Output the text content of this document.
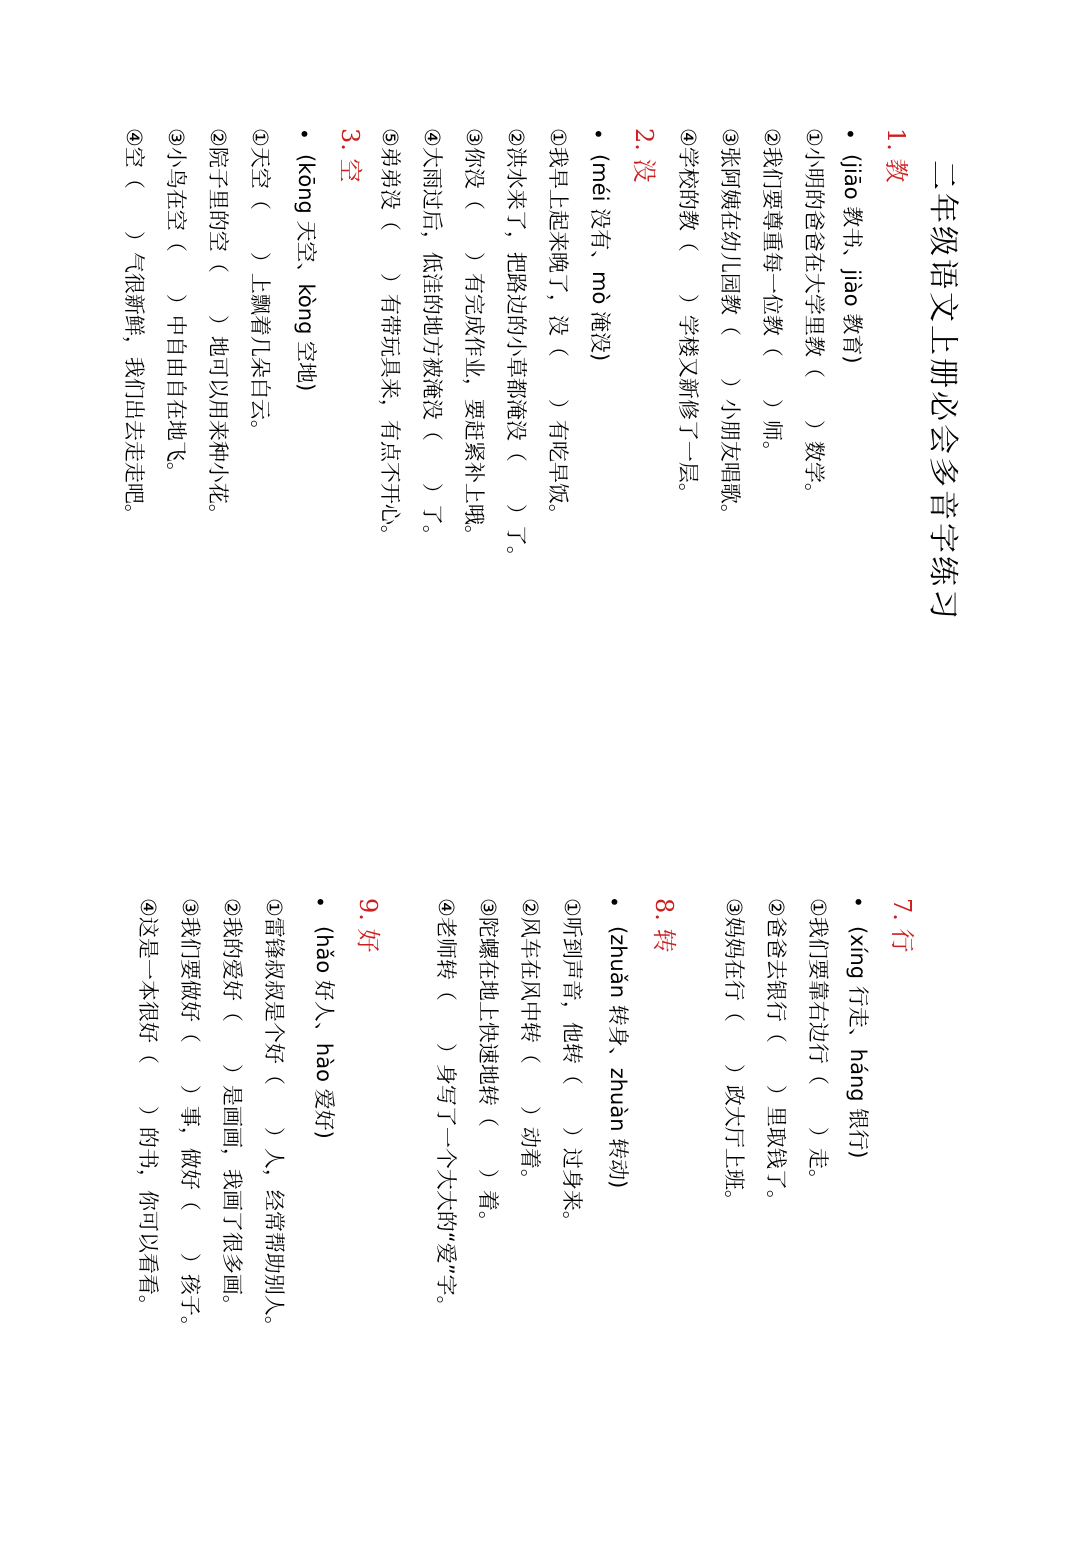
二年级语文上册必会多音字练习
1. 教
•
(jiāo 教书、jiào 教育)
①小明的爸爸在大学里教（　　）数学。
②我们要尊重每一位教（　　）师。
③张阿姨在幼儿园教（　　）小朋友唱歌。
④学校的教（　　）学楼又新修了一层。
2. 没
•
(méi 没有、mò 淹没)
①我早上起来晚了，没（　　）有吃早饭。
②洪水来了，把路边的小草都淹没（　　）了。
③你没（　　）有完成作业，要赶紧补上哦。
④大雨过后，低洼的地方被淹没（　　）了。
⑤弟弟没（　　）有带玩具来，有点不开心。
3. 空
•
(kōng 天空、kòng 空地)
①天空（　　）上飘着几朵白云。
②院子里的空（　　）地可以用来种小花。
③小鸟在空（　　）中自由自在地飞。
④空（　　）气很新鲜，我们出去走走吧。
7. 行
•
(xíng 行走、háng 银行)
①我们要靠右边行（　　）走。
②爸爸去银行（　　）里取钱了。
③妈妈在行（　　）政大厅上班。
8. 转
•
(zhuǎn 转身、zhuàn 转动)
①听到声音，他转（　　）过身来。
②风车在风中转（　　）动着。
③陀螺在地上快速地转（　　）着。
④老师转（　　）身写了一个大大的“爱”字。
9. 好
•
(hǎo 好人、hào 爱好)
①雷锋叔叔是个好（　　）人，经常帮助别人。
②我的爱好（　　）是画画，我画了很多画。
③我们要做好（　　）事，做好（　　）孩子。
④这是一本很好（　　）的书，你可以看看。
